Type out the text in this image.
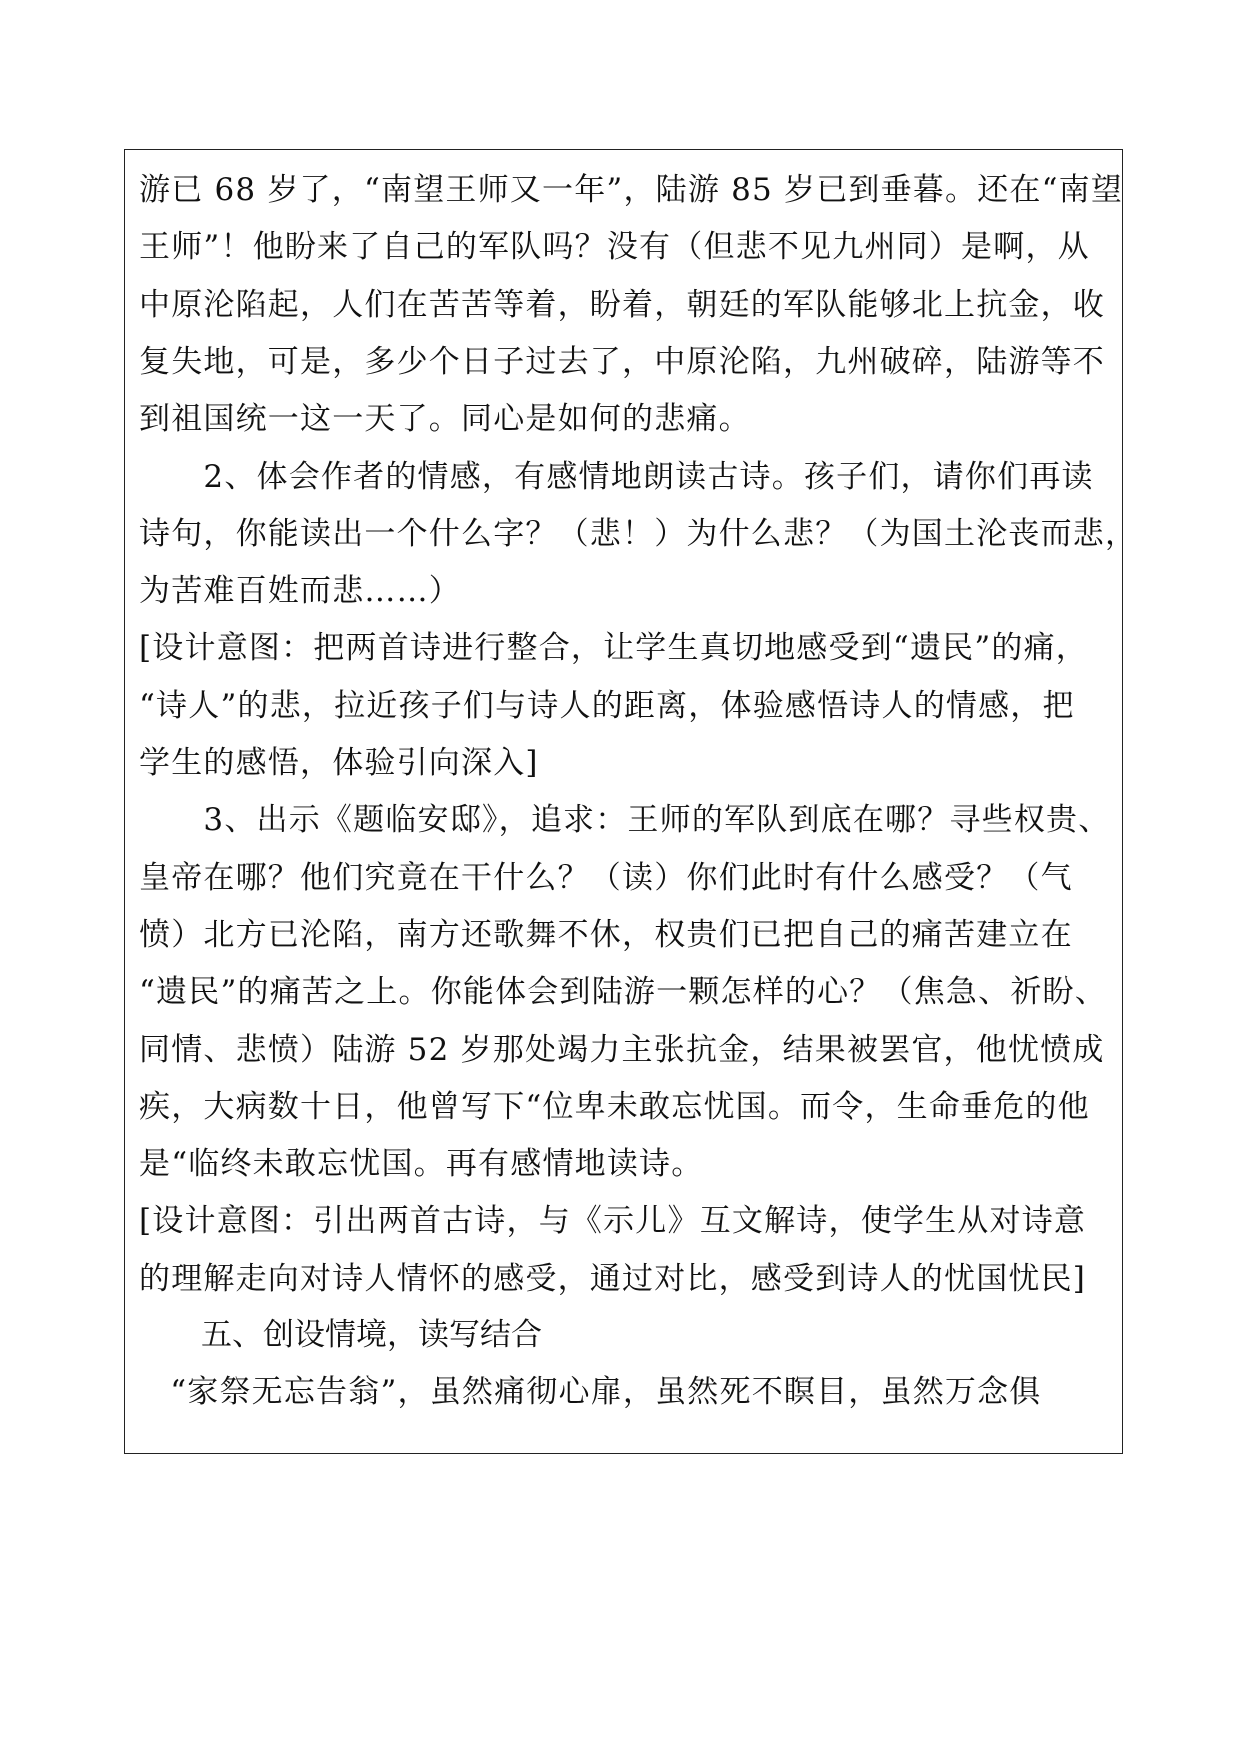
游已 68 岁了，“南望王师又一年”，陆游 85 岁已到垂暮。还在“南望
王师”！他盼来了自己的军队吗？没有（但悲不见九州同）是啊，从
中原沦陷起，人们在苦苦等着，盼着，朝廷的军队能够北上抗金，收
复失地，可是，多少个日子过去了，中原沦陷，九州破碎，陆游等不
到祖国统一这一天了。同心是如何的悲痛。
　　2、体会作者的情感，有感情地朗读古诗。孩子们，请你们再读
诗句，你能读出一个什么字？（悲！）为什么悲？（为国土沦丧而悲，
为苦难百姓而悲……）
[设计意图：把两首诗进行整合，让学生真切地感受到“遗民”的痛，
“诗人”的悲，拉近孩子们与诗人的距离，体验感悟诗人的情感，把
学生的感悟，体验引向深入]
　　3、出示《题临安邸》，追求：王师的军队到底在哪？寻些权贵、
皇帝在哪？他们究竟在干什么？（读）你们此时有什么感受？（气
愤）北方已沦陷，南方还歌舞不休，权贵们已把自己的痛苦建立在
“遗民”的痛苦之上。你能体会到陆游一颗怎样的心？（焦急、祈盼、
同情、悲愤）陆游 52 岁那处竭力主张抗金，结果被罢官，他忧愤成
疾，大病数十日，他曾写下“位卑未敢忘忧国。而令，生命垂危的他
是“临终未敢忘忧国。再有感情地读诗。
[设计意图：引出两首古诗，与《示儿》互文解诗，使学生从对诗意
的理解走向对诗人情怀的感受，通过对比，感受到诗人的忧国忧民]
五、创设情境，读写结合
　“家祭无忘告翁”，虽然痛彻心扉，虽然死不瞑目，虽然万念俱
